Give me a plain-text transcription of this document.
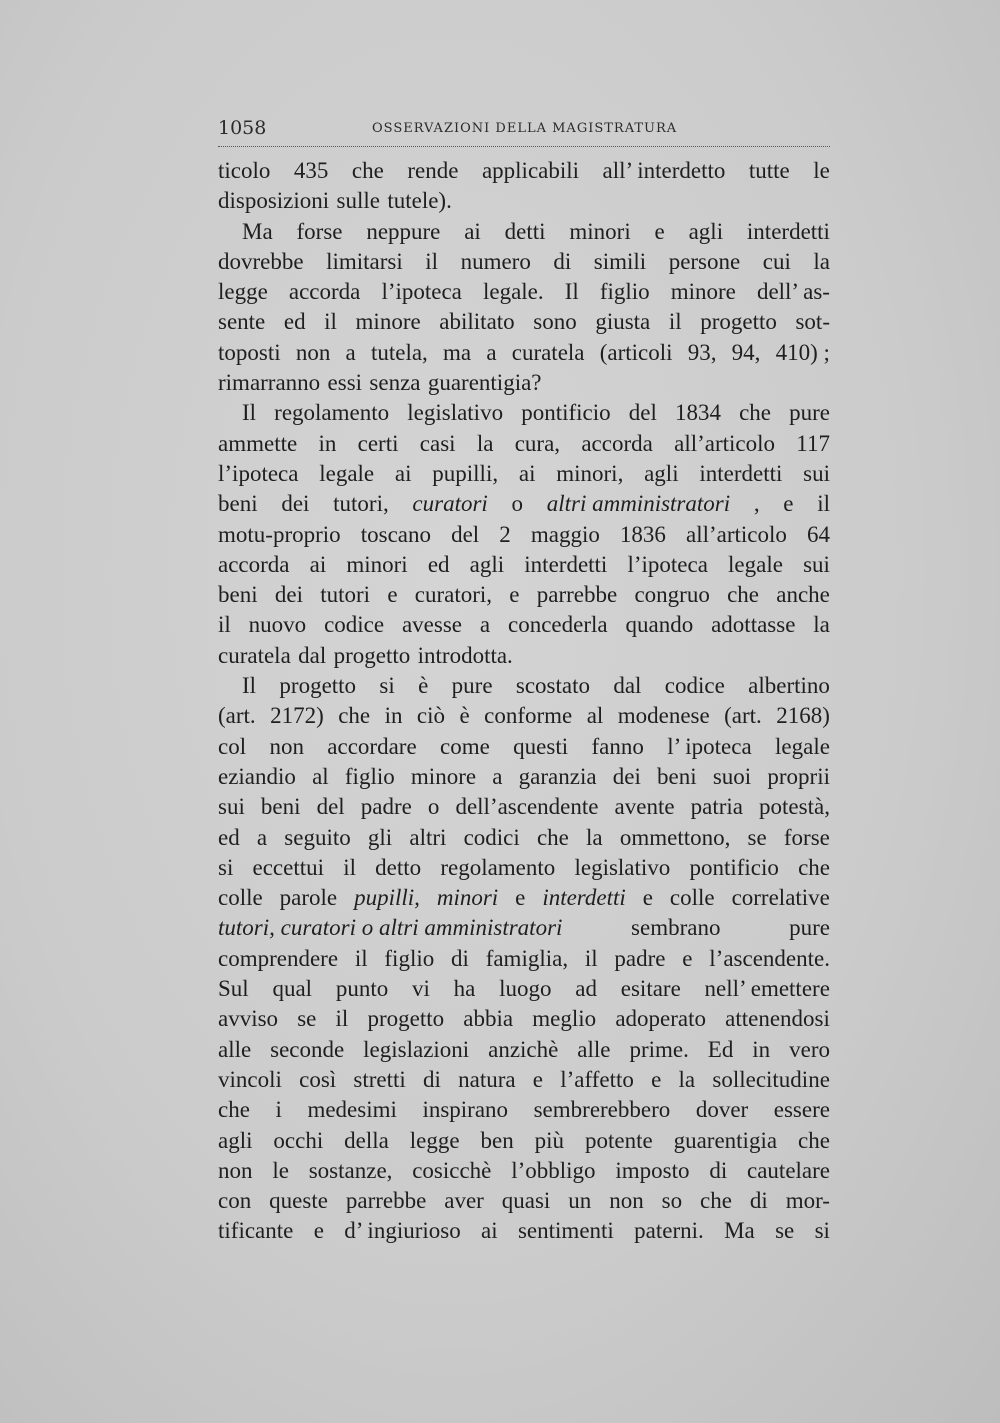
1058	OSSERVAZIONI DELLA MAGISTRATURA
ticolo 435 che rende applicabili all’ interdetto tutte le
disposizioni sulle tutele).
Ma forse neppure ai detti minori e agli interdetti
dovrebbe limitarsi il numero di simili persone cui la
legge accorda l’ipoteca legale. Il figlio minore dell’ as-
sente ed il minore abilitato sono giusta il progetto sot-
toposti non a tutela, ma a curatela (articoli 93, 94, 410) ;
rimarranno essi senza guarentigia?
Il regolamento legislativo pontificio del 1834 che pure
ammette in certi casi la cura, accorda all’articolo 117
l’ipoteca legale ai pupilli, ai minori, agli interdetti sui
beni dei tutori, curatori o altri amministratori , e il
motu-proprio toscano del 2 maggio 1836 all’articolo 64
accorda ai minori ed agli interdetti l’ipoteca legale sui
beni dei tutori e curatori, e parrebbe congruo che anche
il nuovo codice avesse a concederla quando adottasse la
curatela dal progetto introdotta.
Il progetto si è pure scostato dal codice albertino
(art. 2172) che in ciò è conforme al modenese (art. 2168)
col non accordare come questi fanno l’ ipoteca legale
eziandio al figlio minore a garanzia dei beni suoi proprii
sui beni del padre o dell’ascendente avente patria potestà,
ed a seguito gli altri codici che la ommettono, se forse
si eccettui il detto regolamento legislativo pontificio che
colle parole pupilli, minori e interdetti e colle correlative
tutori, curatori o altri amministratori	sembrano	pure
comprendere il figlio di famiglia, il padre e l’ascendente.
Sul qual punto vi ha luogo ad esitare nell’ emettere
avviso se il progetto abbia meglio adoperato attenendosi
alle seconde legislazioni anzichè alle prime. Ed in vero
vincoli così stretti di natura e l’affetto e la sollecitudine
che i medesimi inspirano sembrerebbero dover essere
agli occhi della legge ben più potente guarentigia che
non le sostanze, cosicchè l’obbligo imposto di cautelare
con queste parrebbe aver quasi un non so che di mor-
tificante e d’ ingiurioso ai sentimenti paterni. Ma se si
